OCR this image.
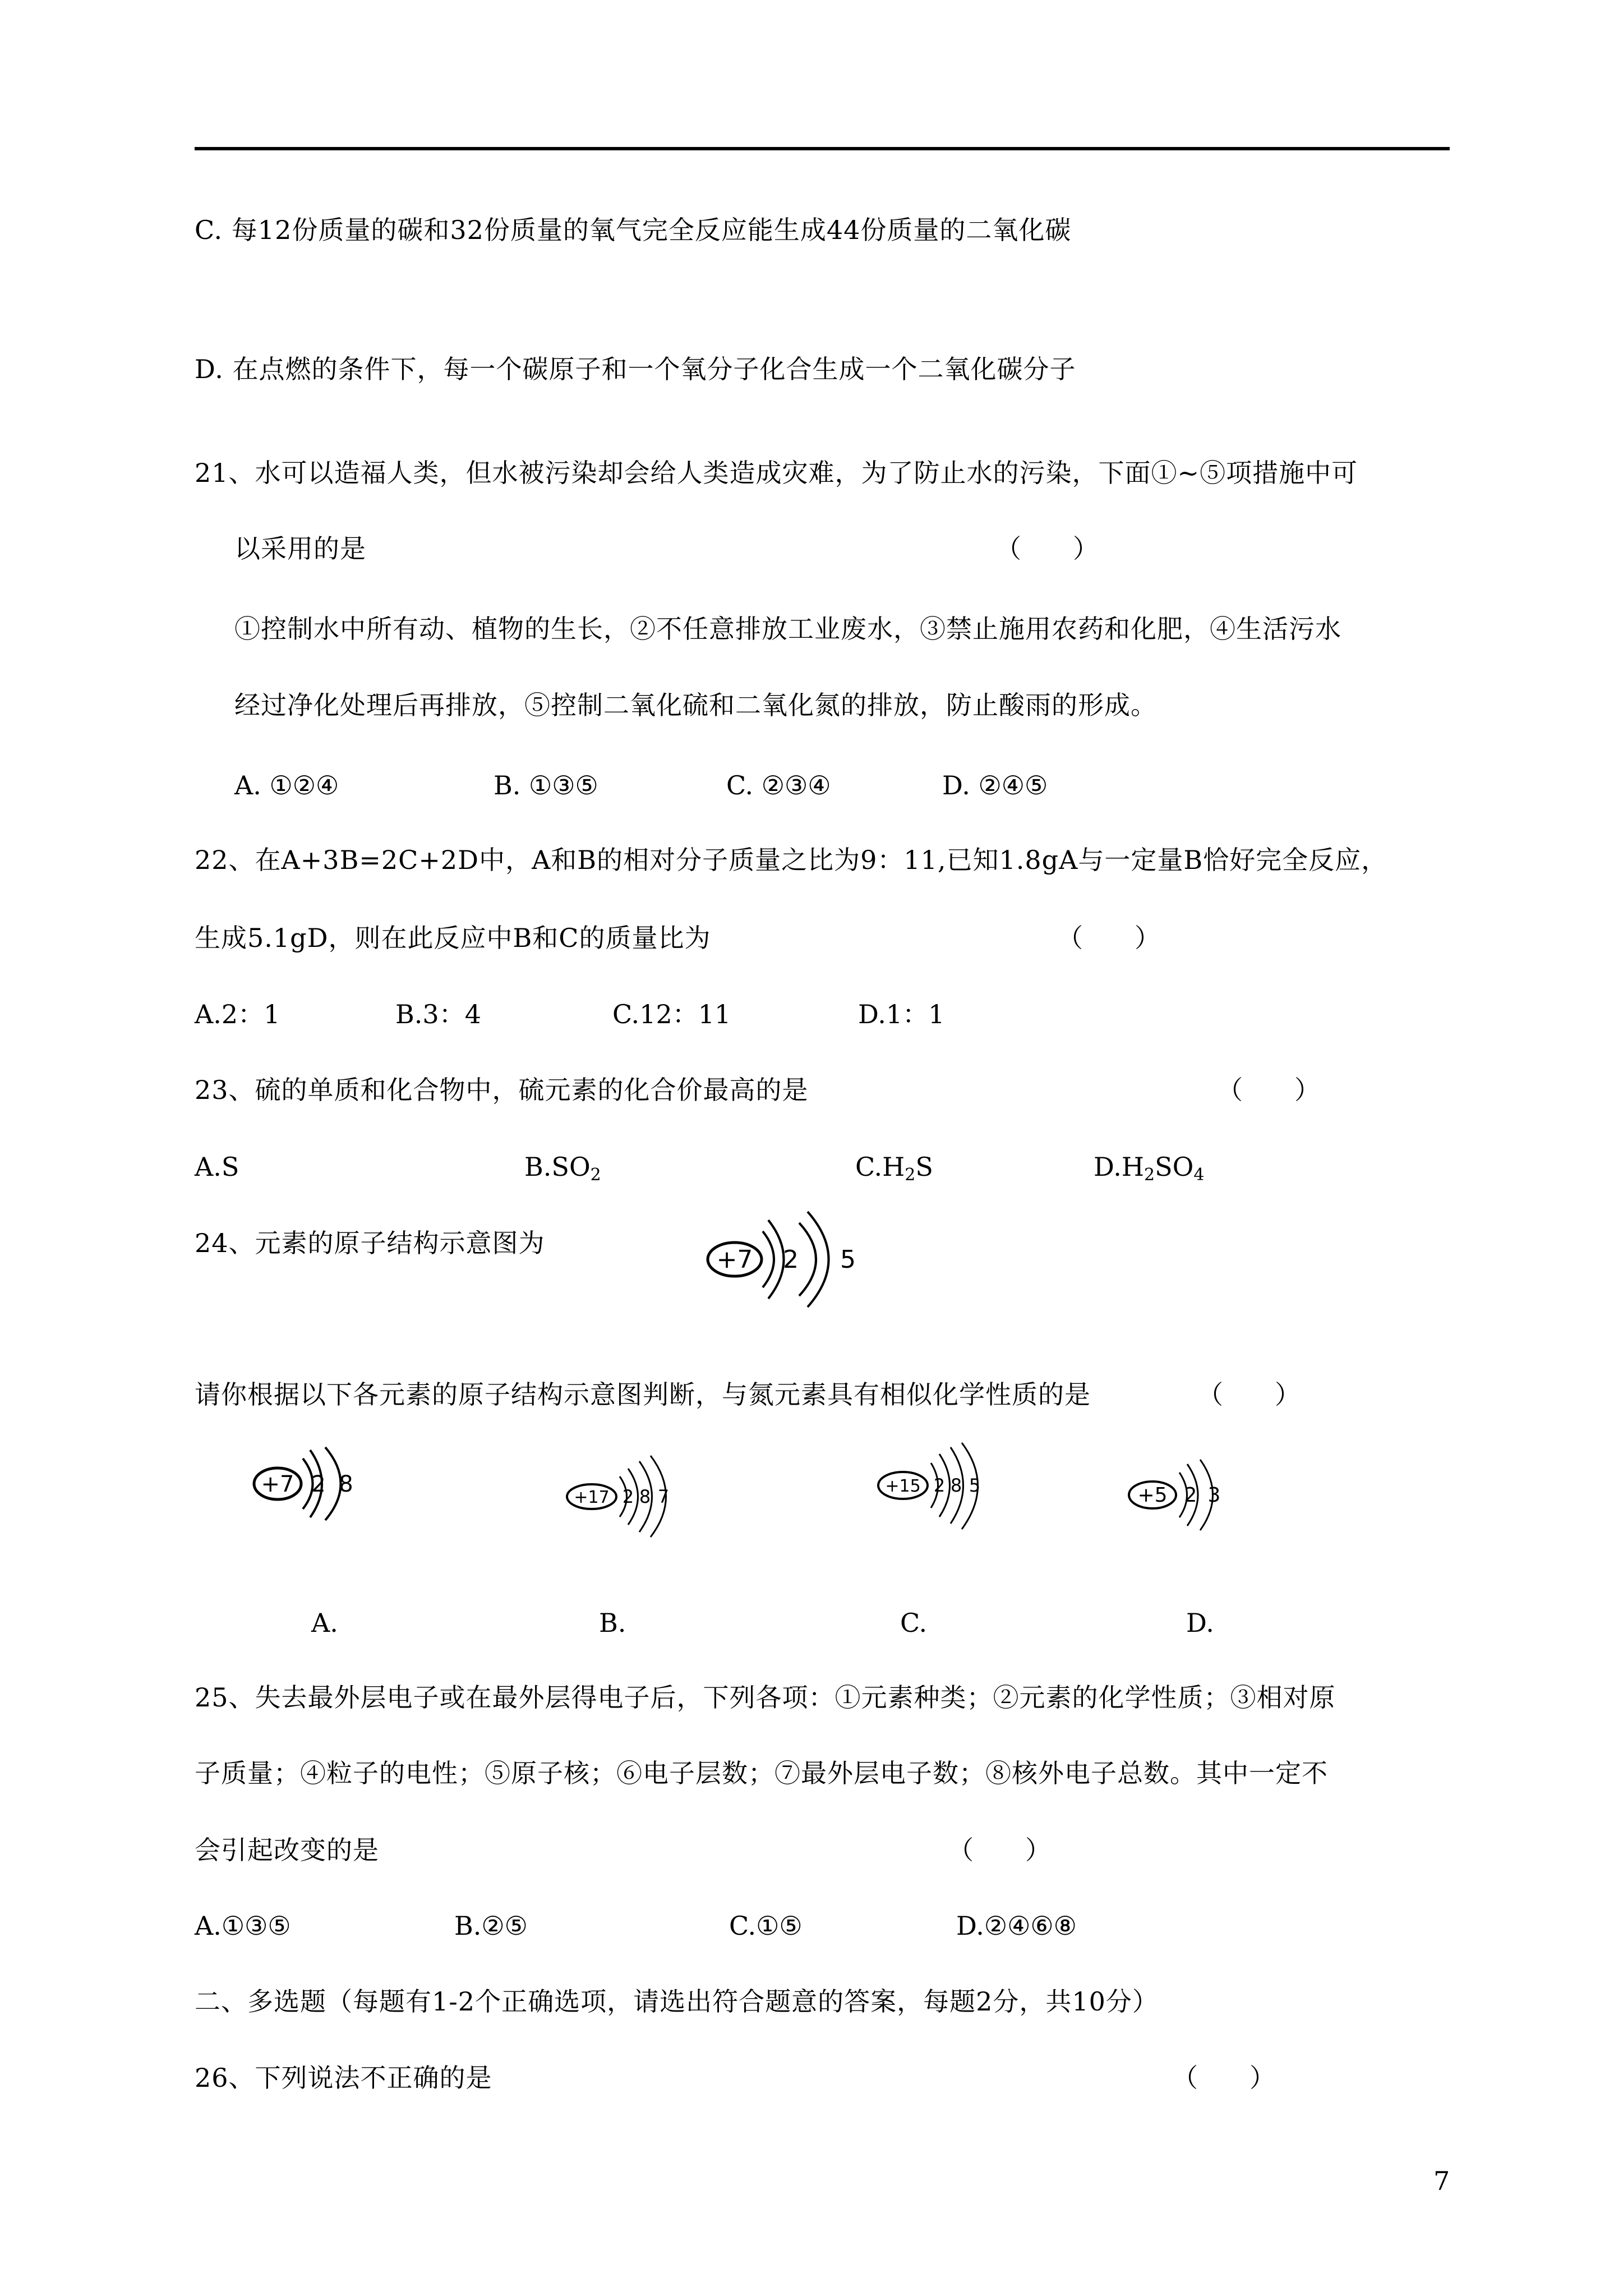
C. 每12份质量的碳和32份质量的氧气完全反应能生成44份质量的二氧化碳
D. 在点燃的条件下，每一个碳原子和一个氧分子化合生成一个二氧化碳分子
21、水可以造福人类，但水被污染却会给人类造成灾难，为了防止水的污染，下面①~⑤项措施中可
以采用的是	（　　）
①控制水中所有动、植物的生长，②不任意排放工业废水，③禁止施用农药和化肥，④生活污水
经过净化处理后再排放，⑤控制二氧化硫和二氧化氮的排放，防止酸雨的形成。
A. ①②④	B. ①③⑤	C. ②③④	D. ②④⑤
22、在A+3B=2C+2D中，A和B的相对分子质量之比为9：11,已知1.8gA与一定量B恰好完全反应，
生成5.1gD，则在此反应中B和C的质量比为	（　　）
A.2：1	B.3：4	C.12：11	D.1：1
23、硫的单质和化合物中，硫元素的化合价最高的是	（　　）
A.S	$B.SO_2$	$C.H_2S$	$D.H_2SO_4$
24、元素的原子结构示意图为
+7 2 5
请你根据以下各元素的原子结构示意图判断，与氮元素具有相似化学性质的是	（　　）
+7 2 8
+17 2 8 7	+15 2 8 5	+5 2 3
A.	B.	C.	D.
25、失去最外层电子或在最外层得电子后，下列各项：①元素种类；②元素的化学性质；③相对原
子质量；④粒子的电性；⑤原子核；⑥电子层数；⑦最外层电子数；⑧核外电子总数。其中一定不
会引起改变的是	（　　）
A.①③⑤	B.②⑤	C.①⑤	D.②④⑥⑧
二、多选题（每题有1-2个正确选项，请选出符合题意的答案，每题2分，共10分）
26、下列说法不正确的是	（　　）
7
